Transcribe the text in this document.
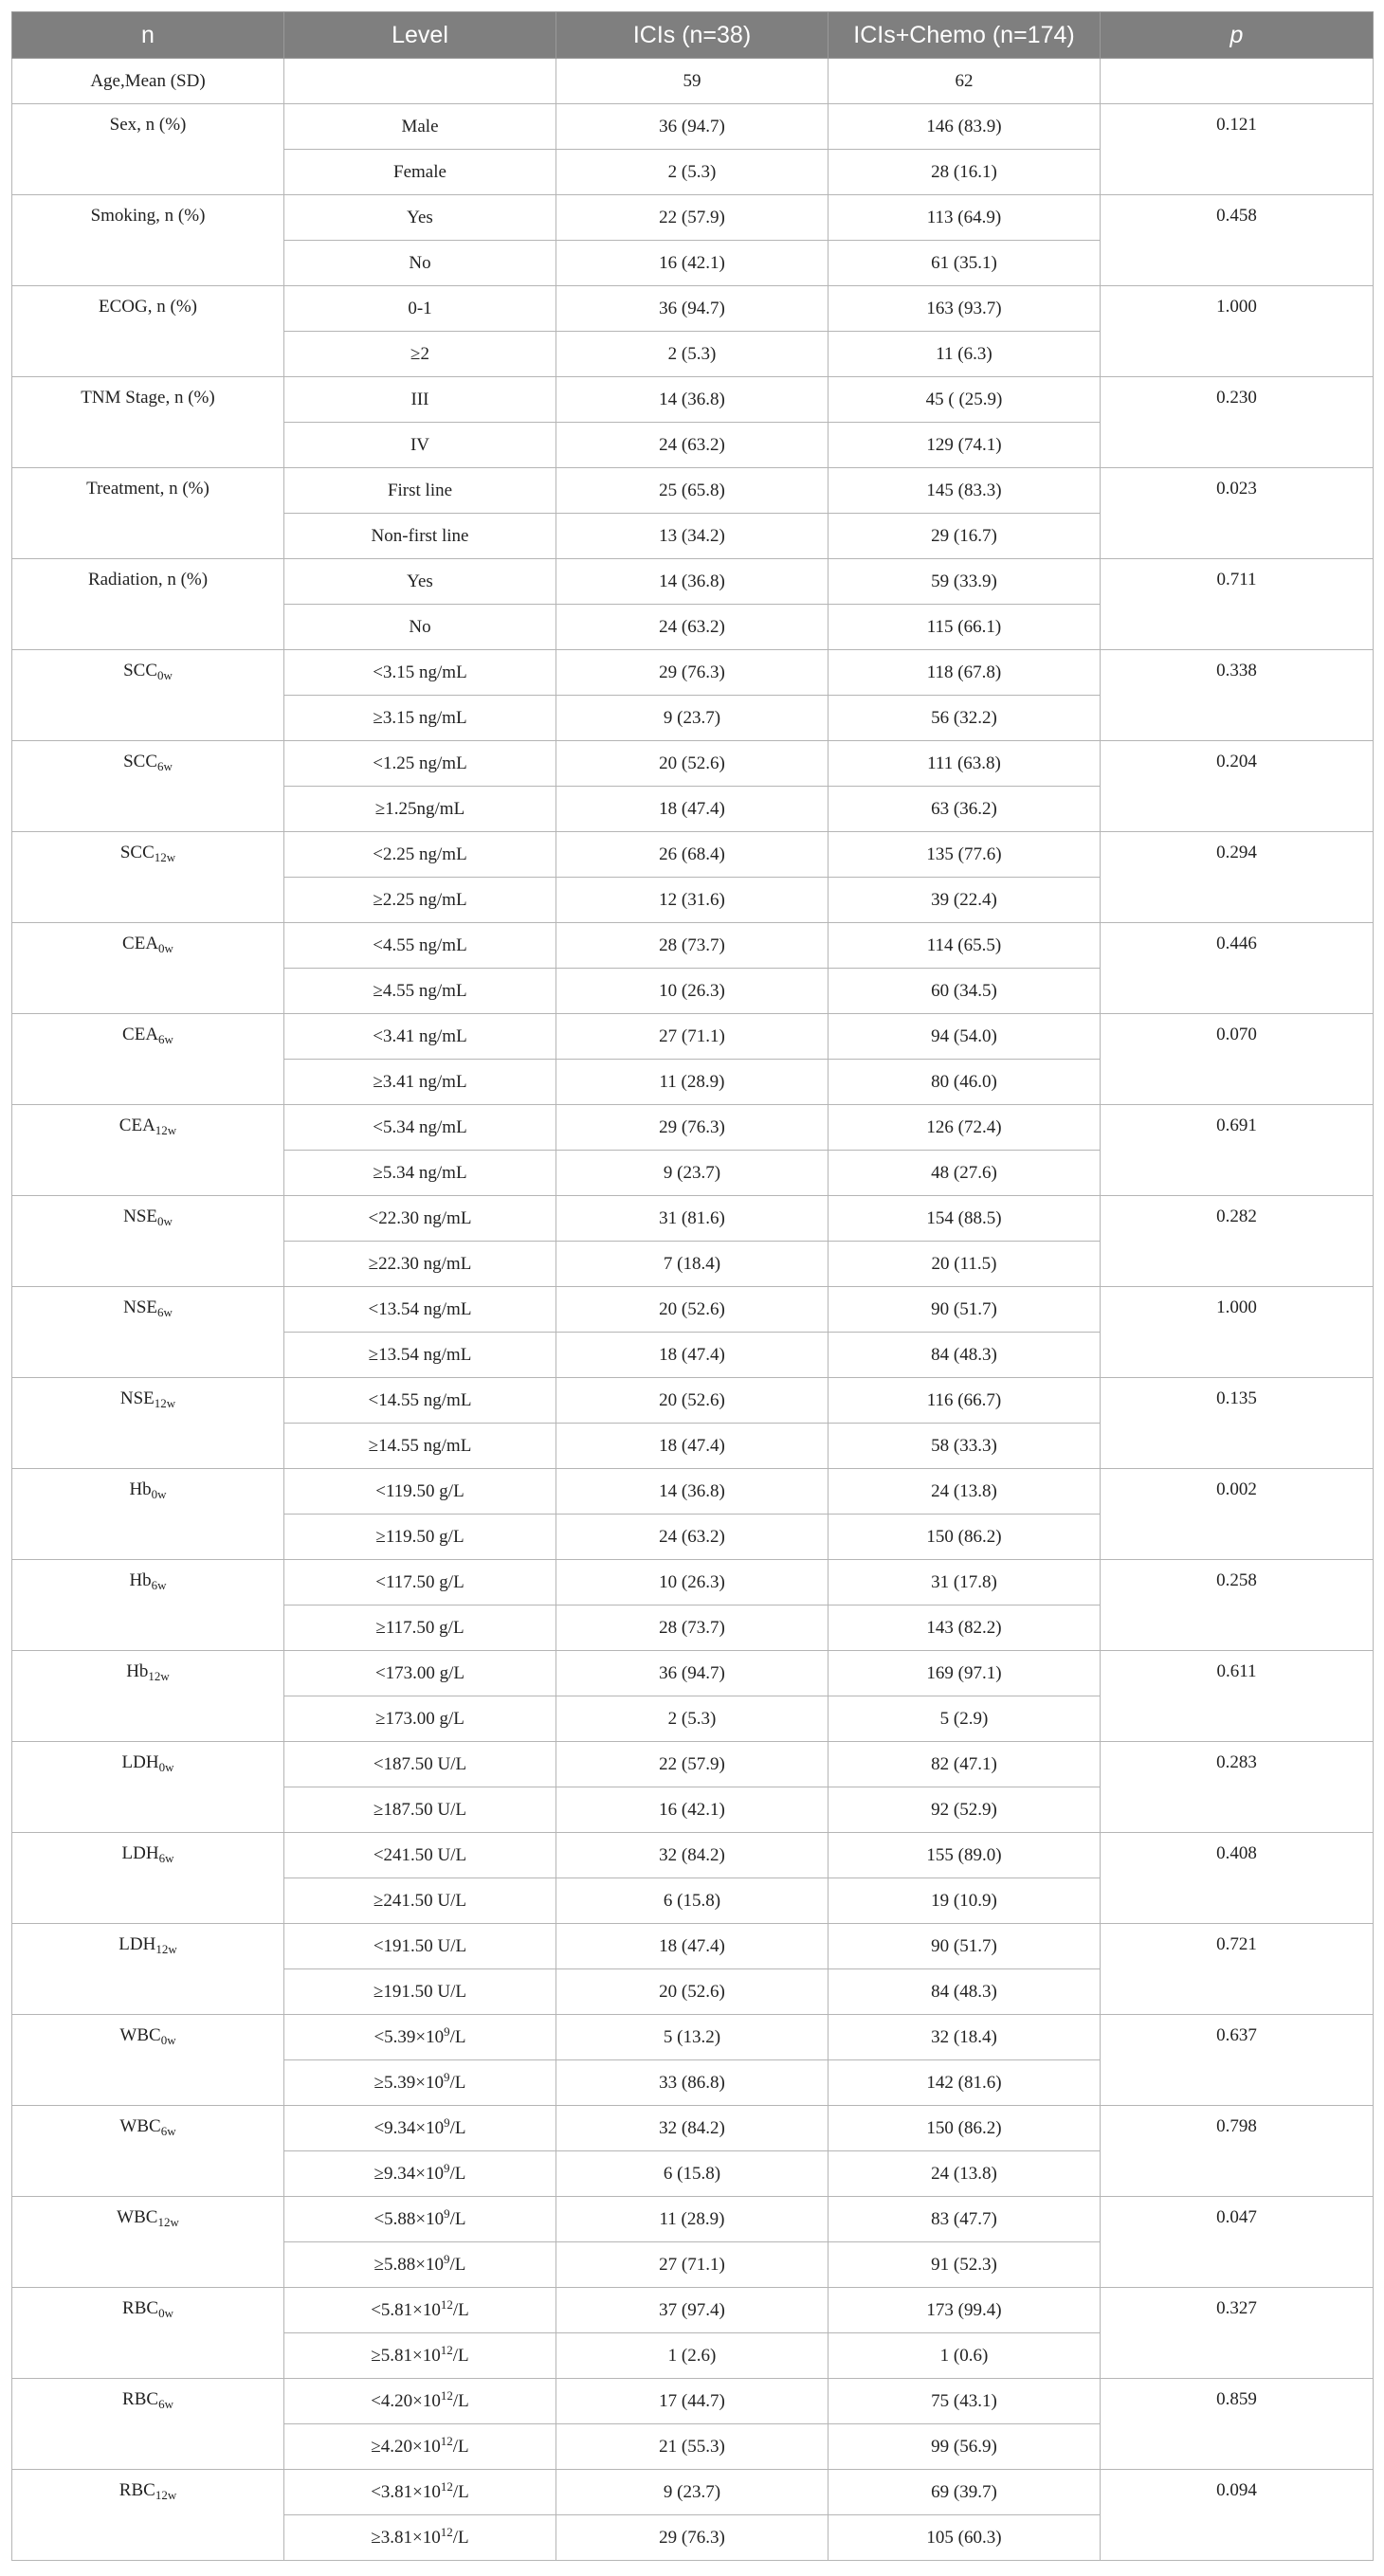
n	Level	ICIs (n=38)	ICIs+Chemo (n=174)	p
Age,Mean (SD)		59	62	
Sex, n (%)	Male	36 (94.7)	146 (83.9)	0.121
	Female	2 (5.3)	28 (16.1)	
Smoking, n (%)	Yes	22 (57.9)	113 (64.9)	0.458
	No	16 (42.1)	61 (35.1)	
ECOG, n (%)	0-1	36 (94.7)	163 (93.7)	1.000
	≥2	2 (5.3)	11 (6.3)	
TNM Stage, n (%)	III	14 (36.8)	45 ( (25.9)	0.230
	IV	24 (63.2)	129 (74.1)	
Treatment, n (%)	First line	25 (65.8)	145 (83.3)	0.023
	Non-first line	13 (34.2)	29 (16.7)	
Radiation, n (%)	Yes	14 (36.8)	59 (33.9)	0.711
	No	24 (63.2)	115 (66.1)	
$SCC_{0w}$	<3.15 ng/mL	29 (76.3)	118 (67.8)	0.338
	≥3.15 ng/mL	9 (23.7)	56 (32.2)	
$SCC_{6w}$	<1.25 ng/mL	20 (52.6)	111 (63.8)	0.204
	≥1.25ng/mL	18 (47.4)	63 (36.2)	
$SCC_{12w}$	<2.25 ng/mL	26 (68.4)	135 (77.6)	0.294
	≥2.25 ng/mL	12 (31.6)	39 (22.4)	
$CEA_{0w}$	<4.55 ng/mL	28 (73.7)	114 (65.5)	0.446
	≥4.55 ng/mL	10 (26.3)	60 (34.5)	
$CEA_{6w}$	<3.41 ng/mL	27 (71.1)	94 (54.0)	0.070
	≥3.41 ng/mL	11 (28.9)	80 (46.0)	
$CEA_{12w}$	<5.34 ng/mL	29 (76.3)	126 (72.4)	0.691
	≥5.34 ng/mL	9 (23.7)	48 (27.6)	
$NSE_{0w}$	<22.30 ng/mL	31 (81.6)	154 (88.5)	0.282
	≥22.30 ng/mL	7 (18.4)	20 (11.5)	
$NSE_{6w}$	<13.54 ng/mL	20 (52.6)	90 (51.7)	1.000
	≥13.54 ng/mL	18 (47.4)	84 (48.3)	
$NSE_{12w}$	<14.55 ng/mL	20 (52.6)	116 (66.7)	0.135
	≥14.55 ng/mL	18 (47.4)	58 (33.3)	
$Hb_{0w}$	<119.50 g/L	14 (36.8)	24 (13.8)	0.002
	≥119.50 g/L	24 (63.2)	150 (86.2)	
$Hb_{6w}$	<117.50 g/L	10 (26.3)	31 (17.8)	0.258
	≥117.50 g/L	28 (73.7)	143 (82.2)	
$Hb_{12w}$	<173.00 g/L	36 (94.7)	169 (97.1)	0.611
	≥173.00 g/L	2 (5.3)	5 (2.9)	
$LDH_{0w}$	<187.50 U/L	22 (57.9)	82 (47.1)	0.283
	≥187.50 U/L	16 (42.1)	92 (52.9)	
$LDH_{6w}$	<241.50 U/L	32 (84.2)	155 (89.0)	0.408
	≥241.50 U/L	6 (15.8)	19 (10.9)	
$LDH_{12w}$	<191.50 U/L	18 (47.4)	90 (51.7)	0.721
	≥191.50 U/L	20 (52.6)	84 (48.3)	
$WBC_{0w}$	$<5.39\times 10^9/L$	5 (13.2)	32 (18.4)	0.637
	$\ge 5.39\times 10^9/L$	33 (86.8)	142 (81.6)	
$WBC_{6w}$	$<9.34\times 10^9/L$	32 (84.2)	150 (86.2)	0.798
	$\ge 9.34\times 10^9/L$	6 (15.8)	24 (13.8)	
$WBC_{12w}$	$<5.88\times 10^9/L$	11 (28.9)	83 (47.7)	0.047
	$\ge 5.88\times 10^9/L$	27 (71.1)	91 (52.3)	
$RBC_{0w}$	$<5.81\times 10^{12}/L$	37 (97.4)	173 (99.4)	0.327
	$\ge 5.81\times 10^{12}/L$	1 (2.6)	1 (0.6)	
$RBC_{6w}$	$<4.20\times 10^{12}/L$	17 (44.7)	75 (43.1)	0.859
	$\ge 4.20\times 10^{12}/L$	21 (55.3)	99 (56.9)	
$RBC_{12w}$	$<3.81\times 10^{12}/L$	9 (23.7)	69 (39.7)	0.094
	$\ge 3.81\times 10^{12}/L$	29 (76.3)	105 (60.3)	
